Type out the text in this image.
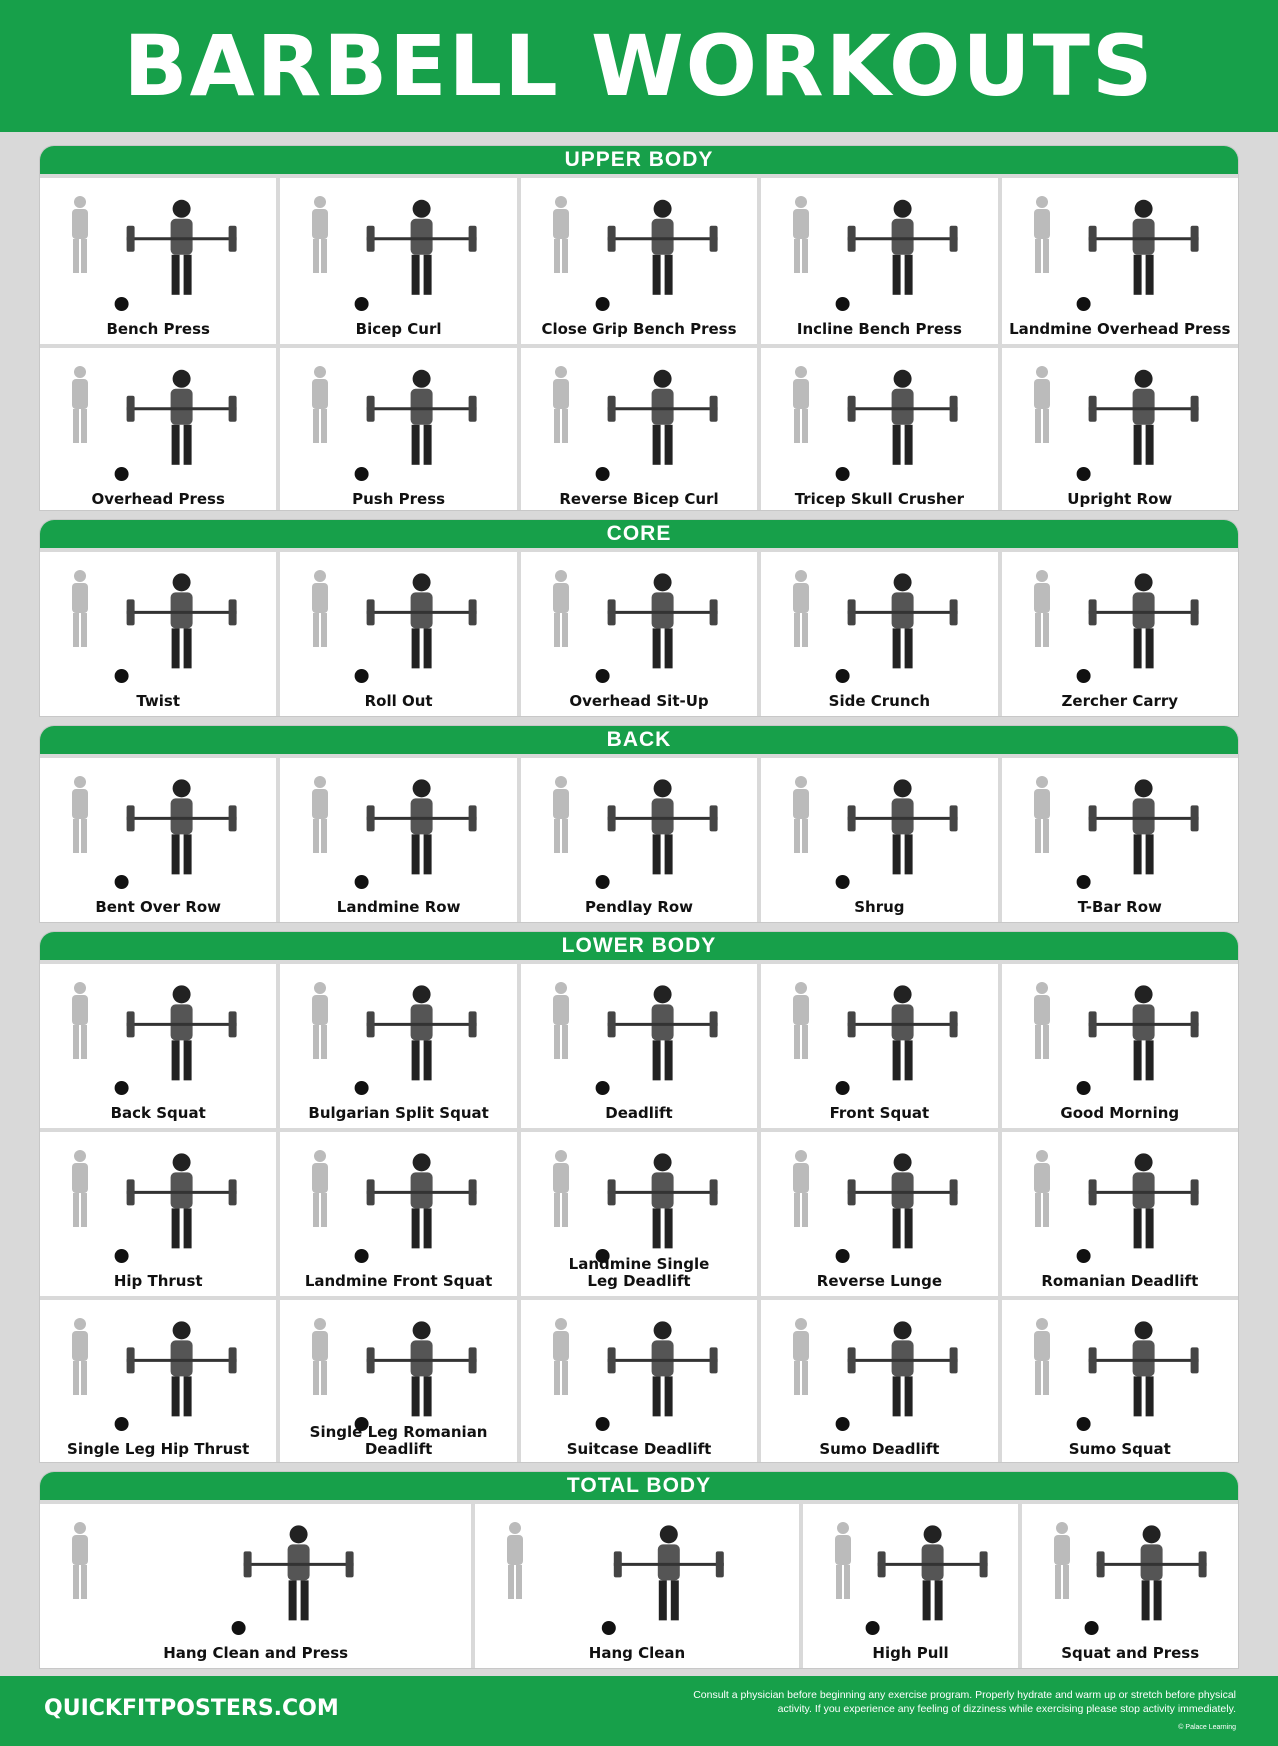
BARBELL WORKOUTS
UPPER BODY
Bench Press	Bicep Curl	Close Grip Bench Press	Incline Bench Press	Landmine Overhead Press
Overhead Press	Push Press	Reverse Bicep Curl	Tricep Skull Crusher	Upright Row
CORE
Twist	Roll Out	Overhead Sit-Up	Side Crunch	Zercher Carry
BACK
Bent Over Row	Landmine Row	Pendlay Row	Shrug	T-Bar Row
LOWER BODY
Back Squat	Bulgarian Split Squat	Deadlift	Front Squat	Good Morning
Hip Thrust	Landmine Front Squat
Landmine Single Leg Deadlift	Reverse Lunge	Romanian Deadlift
Single Leg Hip Thrust
Single Leg Romanian Deadlift	Suitcase Deadlift	Sumo Deadlift	Sumo Squat
TOTAL BODY
Hang Clean and Press	Hang Clean	High Pull	Squat and Press
QUICKFITPOSTERS.COM
Consult a physician before beginning any exercise program. Properly hydrate and warm up or stretch before physical activity. If you experience any feeling of dizziness while exercising please stop activity immediately.
© Palace Learning
